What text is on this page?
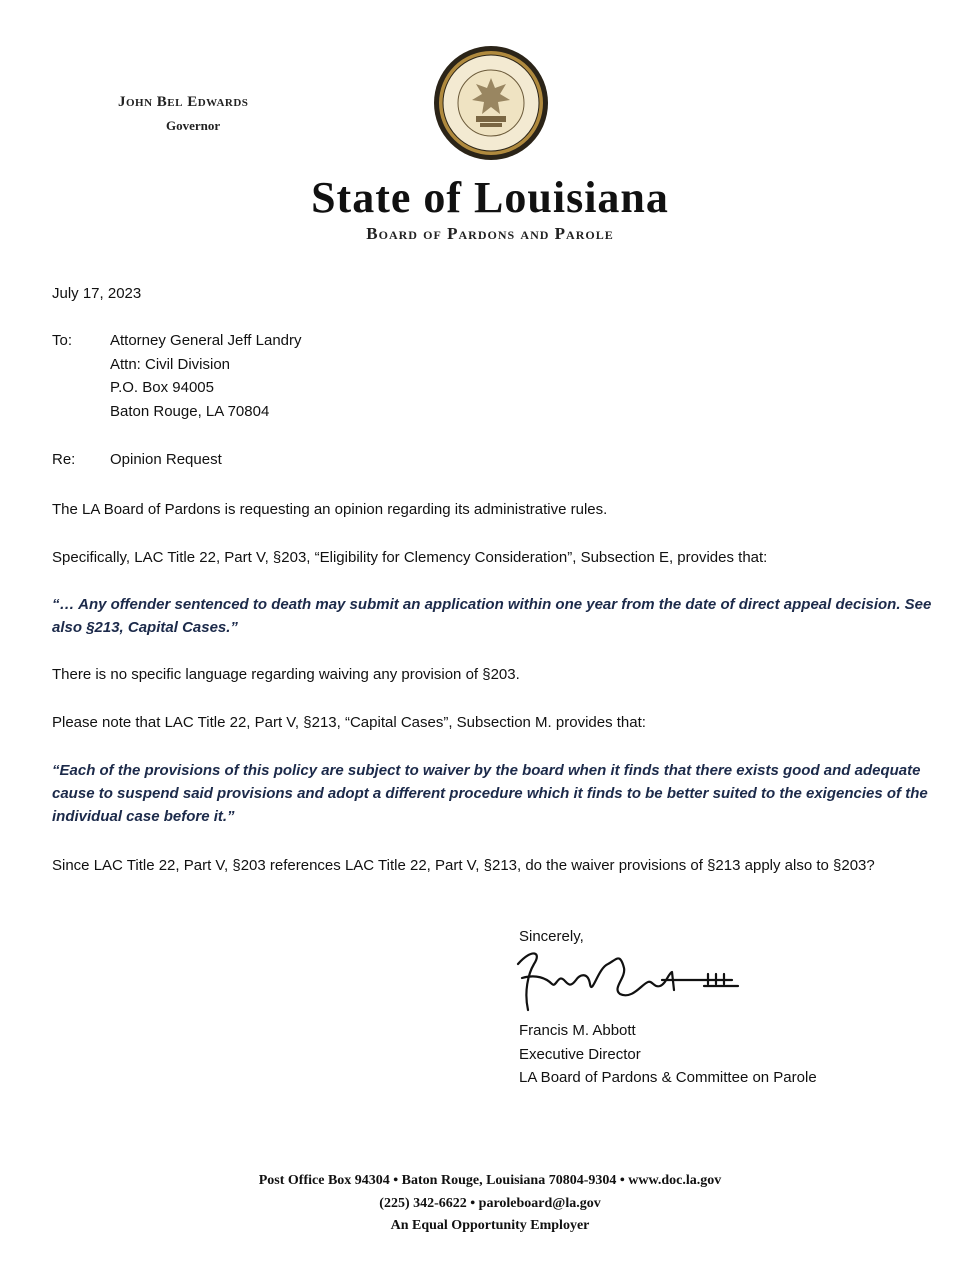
John Bel Edwards
Governor
State of Louisiana
Board of Pardons and Parole
July 17, 2023
To:	Attorney General Jeff Landry
Attn: Civil Division
P.O. Box 94005
Baton Rouge, LA 70804
Re: Opinion Request
The LA Board of Pardons is requesting an opinion regarding its administrative rules.
Specifically, LAC Title 22, Part V, §203, “Eligibility for Clemency Consideration”, Subsection E, provides that:
“… Any offender sentenced to death may submit an application within one year from the date of direct appeal decision. See also §213, Capital Cases.”
There is no specific language regarding waiving any provision of §203.
Please note that LAC Title 22, Part V, §213, “Capital Cases”, Subsection M. provides that:
“Each of the provisions of this policy are subject to waiver by the board when it finds that there exists good and adequate cause to suspend said provisions and adopt a different procedure which it finds to be better suited to the exigencies of the individual case before it.”
Since LAC Title 22, Part V, §203 references LAC Title 22, Part V, §213, do the waiver provisions of §213 apply also to §203?
Sincerely,
Francis M. Abbott
Executive Director
LA Board of Pardons & Committee on Parole
Post Office Box 94304 • Baton Rouge, Louisiana 70804-9304 • www.doc.la.gov
(225) 342-6622 • paroleboard@la.gov
An Equal Opportunity Employer
